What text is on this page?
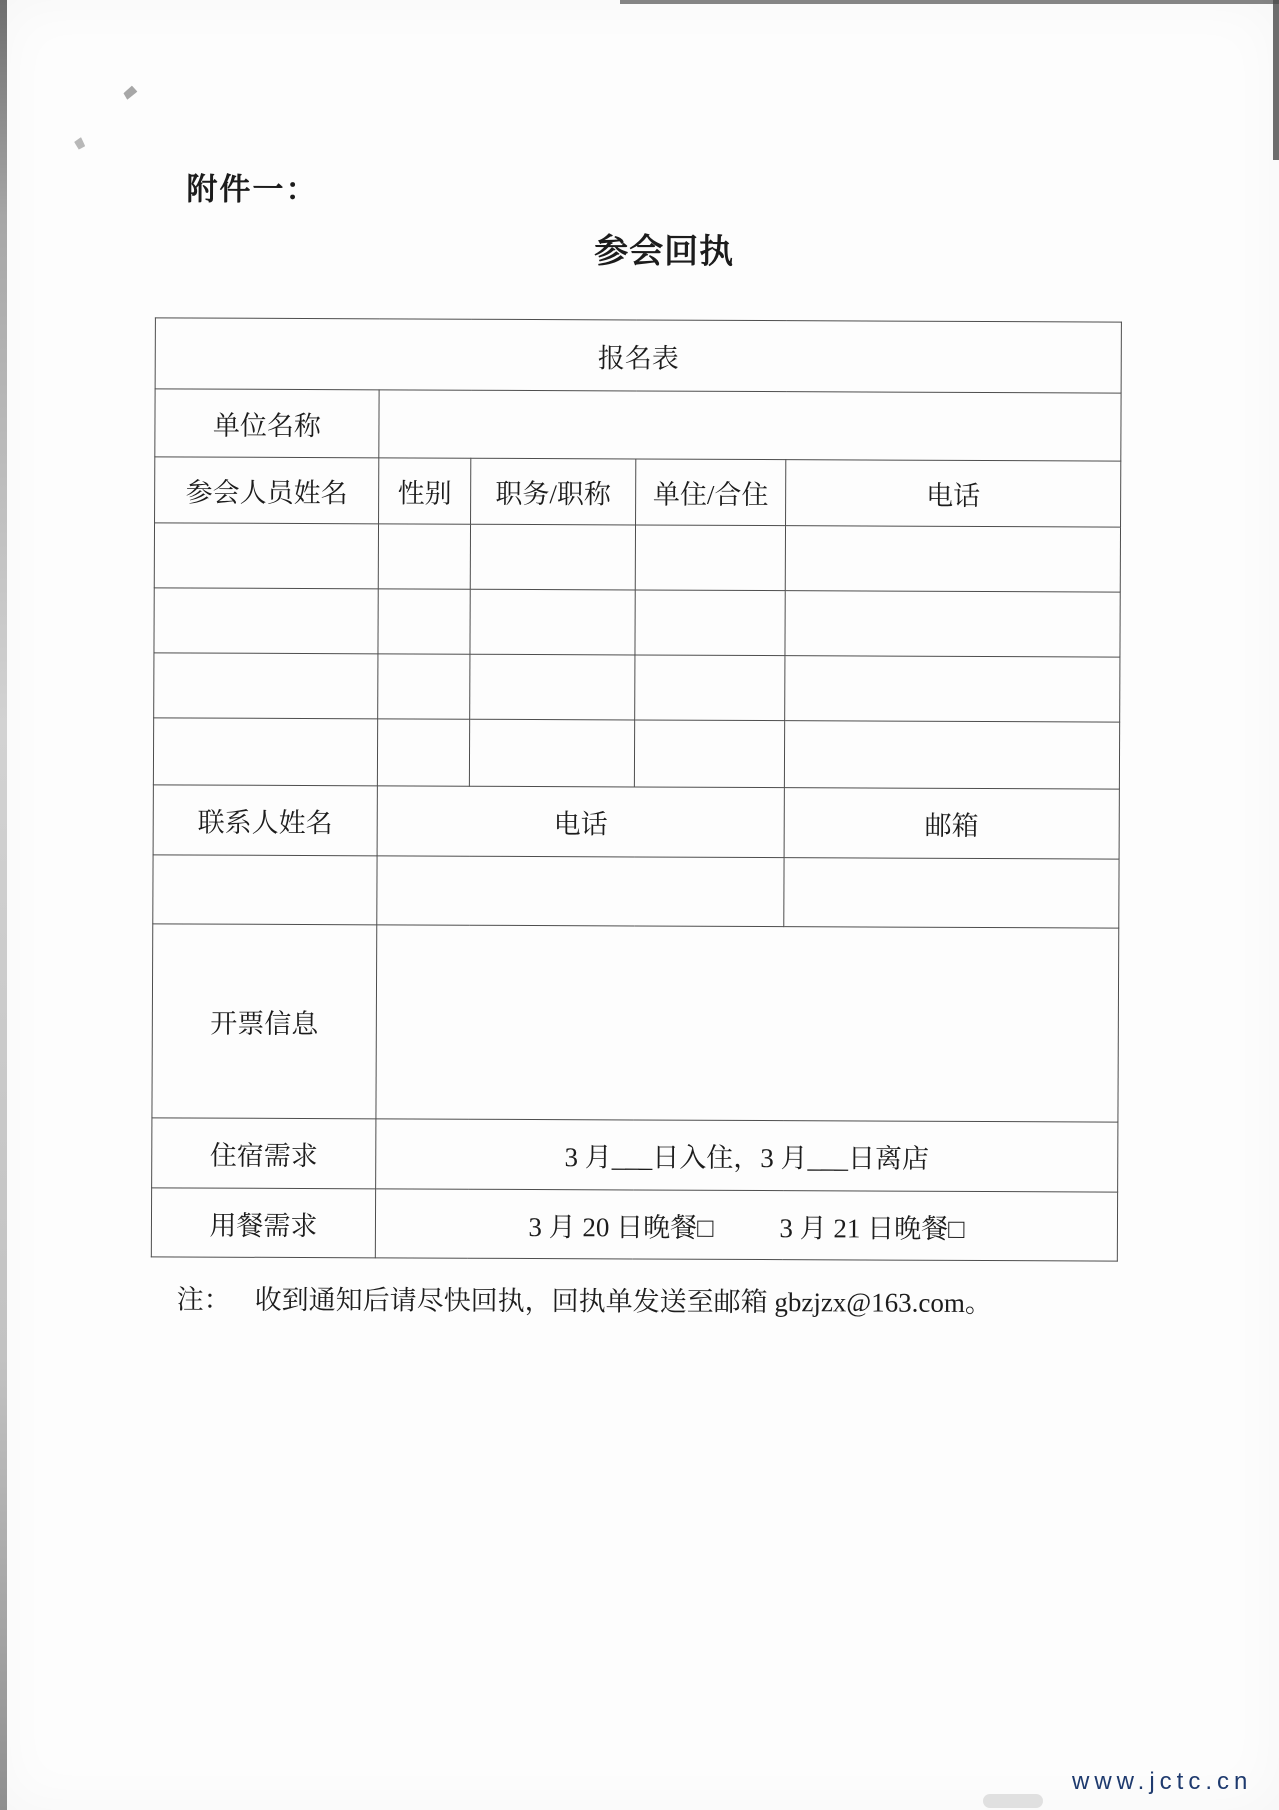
附件一：
参会回执
报名表				
单位名称				
参会人员姓名	性别	职务/职称	单住/合住	电话

联系人姓名	电话			邮箱

开票信息				
住宿需求	3 月___日入住，3 月___日离店			
用餐需求	3 月 20 日晚餐□ 3 月 21 日晚餐□			
注： 收到通知后请尽快回执，回执单发送至邮箱 gbzjzx@163.com。
www.jctc.cn
